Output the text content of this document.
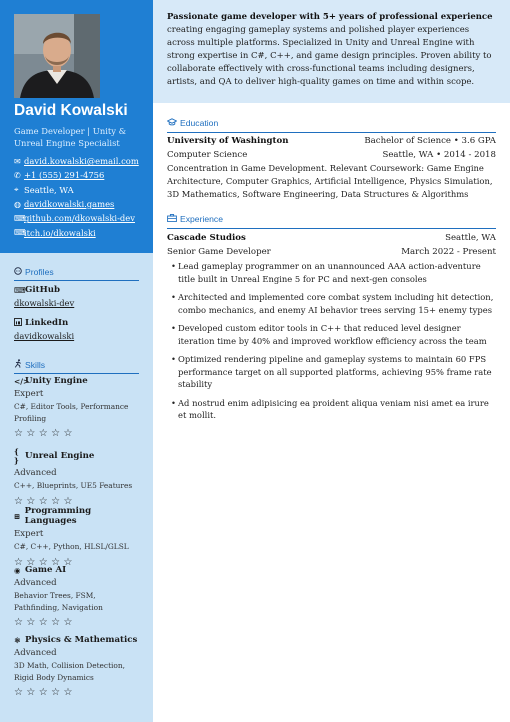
David Kowalski
Game Developer | Unity & Unreal Engine Specialist
✉ david.kowalski@email.com
✆ +1 (555) 291-4756
⌖ Seattle, WA
◍ davidkowalski.games
⌨
github.com/dkowalski-dev
⌨
itch.io/dkowalski
Profiles
⌨ GitHub
dkowalski-dev
LinkedIn
davidkowalski
Skills
</>
Unity Engine
Expert
C#, Editor Tools, Performance Profiling
☆☆☆☆☆
{ } Unreal Engine
Advanced
C++, Blueprints, UE5 Features
☆☆☆☆☆
⊞ Programming Languages
Expert
C#, C++, Python, HLSL/GLSL
☆☆☆☆☆
◉ Game AI
Advanced
Behavior Trees, FSM, Pathfinding, Navigation
☆☆☆☆☆
⚛ Physics & Mathematics
Advanced
3D Math, Collision Detection, Rigid Body Dynamics
☆☆☆☆☆
Passionate game developer with 5+ years of professional experience creating engaging gameplay systems and polished player experiences across multiple platforms. Specialized in Unity and Unreal Engine with strong expertise in C#, C++, and game design principles. Proven ability to collaborate effectively with cross-functional teams including designers, artists, and QA to deliver high-quality games on time and within scope.
Education
University of Washington	Bachelor of Science • 3.6 GPA
Computer Science	Seattle, WA • 2014 - 2018
Concentration in Game Development. Relevant Coursework: Game Engine Architecture, Computer Graphics, Artificial Intelligence, Physics Simulation, 3D Mathematics, Software Engineering, Data Structures & Algorithms
Experience
Cascade Studios	Seattle, WA
Senior Game Developer	March 2022 - Present
• Lead gameplay programmer on an unannounced AAA action-adventure title built in Unreal Engine 5 for PC and next-gen consoles
• Architected and implemented core combat system including hit detection, combo mechanics, and enemy AI behavior trees serving 15+ enemy types
• Developed custom editor tools in C++ that reduced level designer iteration time by 40% and improved workflow efficiency across the team
• Optimized rendering pipeline and gameplay systems to maintain 60 FPS performance target on all supported platforms, achieving 95% frame rate stability
• Ad nostrud enim adipisicing ea proident aliqua veniam nisi amet ea irure et mollit.
